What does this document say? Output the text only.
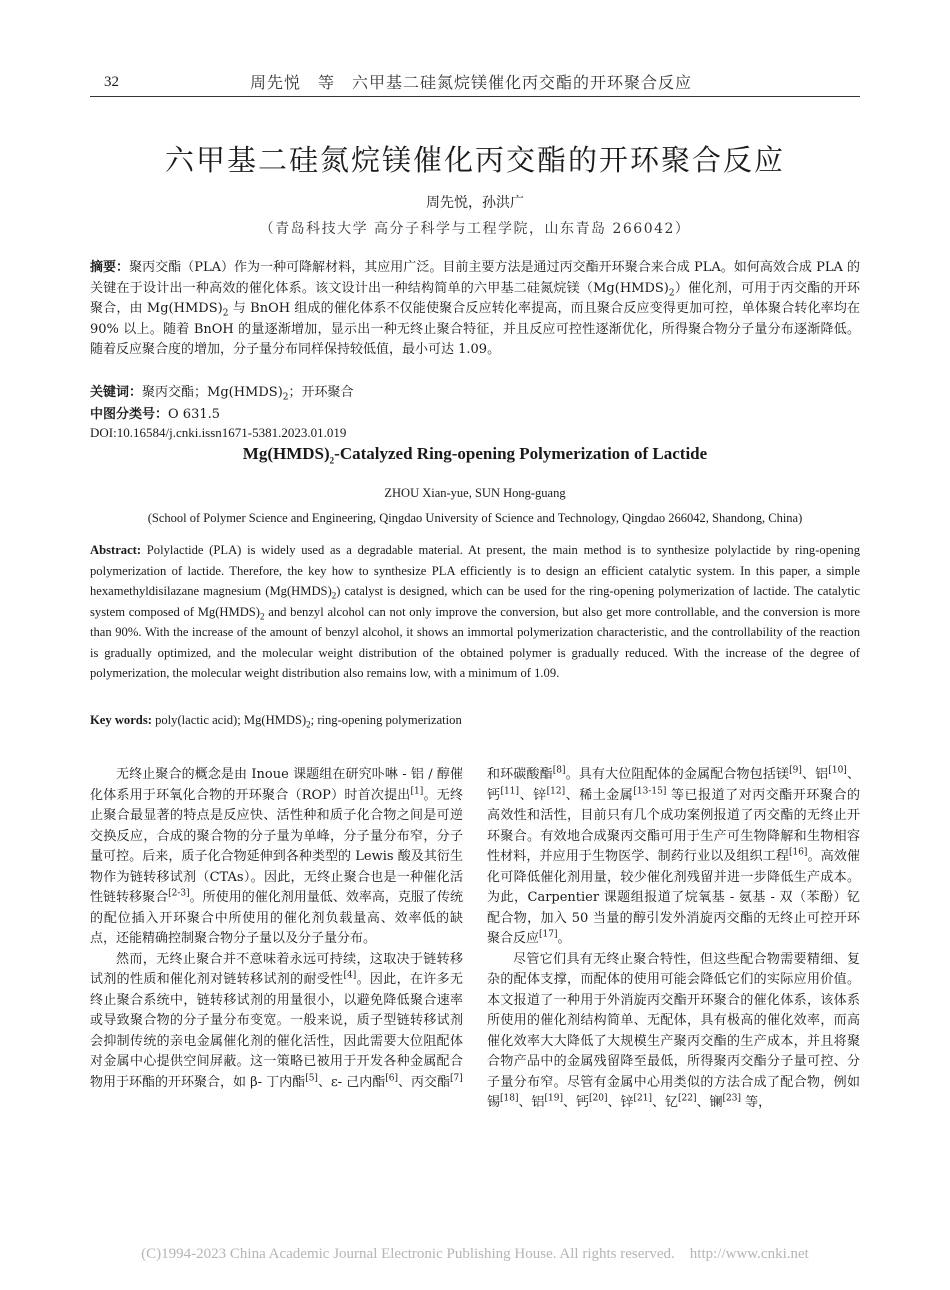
32	周先悦　等　六甲基二硅氮烷镁催化丙交酯的开环聚合反应
六甲基二硅氮烷镁催化丙交酯的开环聚合反应
周先悦，孙洪广
（青岛科技大学 高分子科学与工程学院，山东青岛 266042）
摘要：聚丙交酯（PLA）作为一种可降解材料，其应用广泛。目前主要方法是通过丙交酯开环聚合来合成 PLA。如何高效合成 PLA 的关键在于设计出一种高效的催化体系。该文设计出一种结构简单的六甲基二硅氮烷镁$(Mg(HMDS)_2)$催化剂，可用于丙交酯的开环聚合，由 $Mg(HMDS)_2$ 与 BnOH 组成的催化体系不仅能使聚合反应转化率提高，而且聚合反应变得更加可控，单体聚合转化率均在 90% 以上。随着 BnOH 的量逐渐增加，显示出一种无终止聚合特征，并且反应可控性逐渐优化，所得聚合物分子量分布逐渐降低。随着反应聚合度的增加，分子量分布同样保持较低值，最小可达 1.09。
关键词：聚丙交酯；$Mg(HMDS)_2$；开环聚合
中图分类号：O 631.5
DOI:10.16584/j.cnki.issn1671-5381.2023.01.019
$Mg(HMDS)_2$-Catalyzed Ring-opening Polymerization of Lactide
ZHOU Xian-yue, SUN Hong-guang
(School of Polymer Science and Engineering, Qingdao University of Science and Technology, Qingdao 266042, Shandong, China)
Abstract: Polylactide (PLA) is widely used as a degradable material. At present, the main method is to synthesize polylactide by ring-opening polymerization of lactide. Therefore, the key how to synthesize PLA efficiently is to design an efficient catalytic system. In this paper, a simple hexamethyldisilazane magnesium $(Mg(HMDS)_2)$ catalyst is designed, which can be used for the ring-opening polymerization of lactide. The catalytic system composed of $Mg(HMDS)_2$ and benzyl alcohol can not only improve the conversion, but also get more controllable, and the conversion is more than 90%. With the increase of the amount of benzyl alcohol, it shows an immortal polymerization characteristic, and the controllability of the reaction is gradually optimized, and the molecular weight distribution of the obtained polymer is gradually reduced. With the increase of the degree of polymerization, the molecular weight distribution also remains low, with a minimum of 1.09.
Key words: poly(lactic acid); $Mg(HMDS)_2$; ring-opening polymerization

无终止聚合的概念是由 Inoue 课题组在研究卟啉 - 铝 / 醇催化体系用于环氧化合物的开环聚合（ROP）时首次提出[1]。无终止聚合最显著的特点是反应快、活性种和质子化合物之间是可逆交换反应，合成的聚合物的分子量为单峰，分子量分布窄，分子量可控。后来，质子化合物延伸到各种类型的 Lewis 酸及其衍生物作为链转移试剂（CTAs）。因此，无终止聚合也是一种催化活性链转移聚合[2-3]。所使用的催化剂用量低、效率高，克服了传统的配位插入开环聚合中所使用的催化剂负载量高、效率低的缺点，还能精确控制聚合物分子量以及分子量分布。

然而，无终止聚合并不意味着永远可持续，这取决于链转移试剂的性质和催化剂对链转移试剂的耐受性[4]。因此，在许多无终止聚合系统中，链转移试剂的用量很小，以避免降低聚合速率或导致聚合物的分子量分布变宽。一般来说，质子型链转移试剂会抑制传统的亲电金属催化剂的催化活性，因此需要大位阻配体对金属中心提供空间屏蔽。这一策略已被用于开发各种金属配合物用于环酯的开环聚合，如 β- 丁内酯[5]、ε- 己内酯[6]、丙交酯[7]

和环碳酸酯[8]。具有大位阻配体的金属配合物包括镁[9]、铝[10]、钙[11]、锌[12]、稀土金属[13-15] 等已报道了对丙交酯开环聚合的高效性和活性，目前只有几个成功案例报道了丙交酯的无终止开环聚合。有效地合成聚丙交酯可用于生产可生物降解和生物相容性材料，并应用于生物医学、制药行业以及组织工程[16]。高效催化可降低催化剂用量，较少催化剂残留并进一步降低生产成本。为此，Carpentier 课题组报道了烷氧基 - 氨基 - 双（苯酚）钇配合物，加入 50 当量的醇引发外消旋丙交酯的无终止可控开环聚合反应[17]。

尽管它们具有无终止聚合特性，但这些配合物需要精细、复杂的配体支撑，而配体的使用可能会降低它们的实际应用价值。本文报道了一种用于外消旋丙交酯开环聚合的催化体系，该体系所使用的催化剂结构简单、无配体，具有极高的催化效率，而高催化效率大大降低了大规模生产聚丙交酯的生产成本，并且将聚合物产品中的金属残留降至最低，所得聚丙交酯分子量可控、分子量分布窄。尽管有金属中心用类似的方法合成了配合物，例如锡[18]、铝[19]、钙[20]、锌[21]、钇[22]、镧[23] 等，

(C)1994-2023 China Academic Journal Electronic Publishing House. All rights reserved.　http://www.cnki.net
